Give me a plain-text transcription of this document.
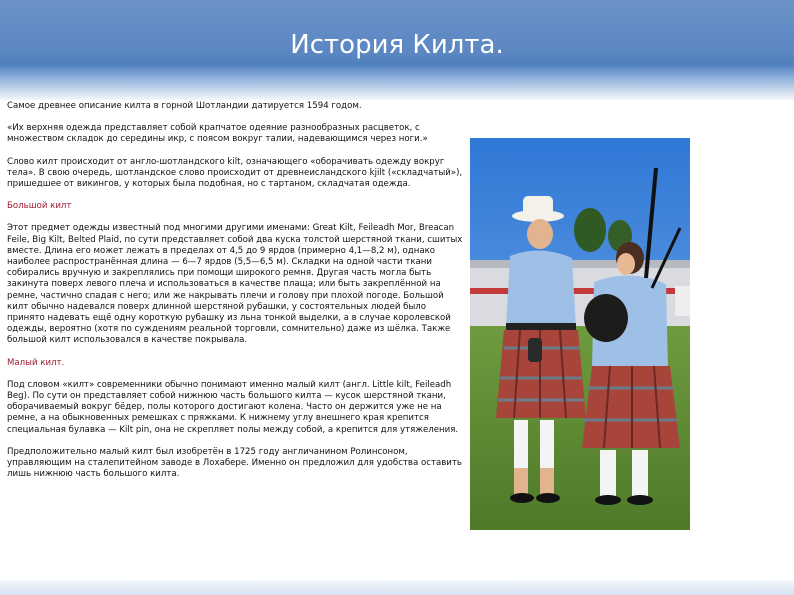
История Килта.

Самое древнее описание килта в горной Шотландии датируется 1594 годом.

«Их верхняя одежда представляет собой крапчатое одеяние разнообразных расцветок, с множеством складок до середины икр, с поясом вокруг талии, надевающимся через ноги.»

Слово килт происходит от англо-шотландского kilt, означающего «оборачивать одежду вокруг тела». В свою очередь, шотландское слово происходит от древнеисландского kjilt («складчатый»), пришедшее от викингов, у которых была подобная, но с тартаном, складчатая одежда.

Большой килт

Этот предмет одежды известный под многими другими именами: Great Kilt, Feileadh Mor, Breacan Feile, Big Kilt, Belted Plaid, по сути представляет собой два куска толстой шерстяной ткани, сшитых вместе. Длина его может лежать в пределах от 4,5 до 9 ярдов (примерно 4,1—8,2 м), однако наиболее распространённая длина — 6—7 ярдов (5,5—6,5 м). Складки на одной части ткани собирались вручную и закреплялись при помощи широкого ремня. Другая часть могла быть закинута поверх левого плеча и использоваться в качестве плаща; или быть закреплённой на ремне, частично спадая с него; или же накрывать плечи и голову при плохой погоде. Большой килт обычно надевался поверх длинной шерстяной рубашки, у состоятельных людей было принято надевать ещё одну короткую рубашку из льна тонкой выделки, а в случае королевской одежды, вероятно (хотя по суждениям реальной торговли, сомнительно) даже из шёлка. Также большой килт использовался в качестве покрывала.

Малый килт.

Под словом «килт» современники обычно понимают именно малый килт (англ. Little kilt, Feileadh Beg). По сути он представляет собой нижнюю часть большого килта — кусок шерстяной ткани, оборачиваемый вокруг бёдер, полы которого достигают колена. Часто он держится уже не на ремне, а на обыкновенных ремешках с пряжками. К нижнему углу внешнего края крепится специальная булавка — Kilt pin, она не скрепляет полы между собой, а крепится для утяжеления.

Предположительно малый килт был изобретён в 1725 году англичанином Ролинсоном, управляющим на сталепитейном заводе в Лохабере. Именно он предложил для удобства оставить лишь нижнюю часть большого килта.
